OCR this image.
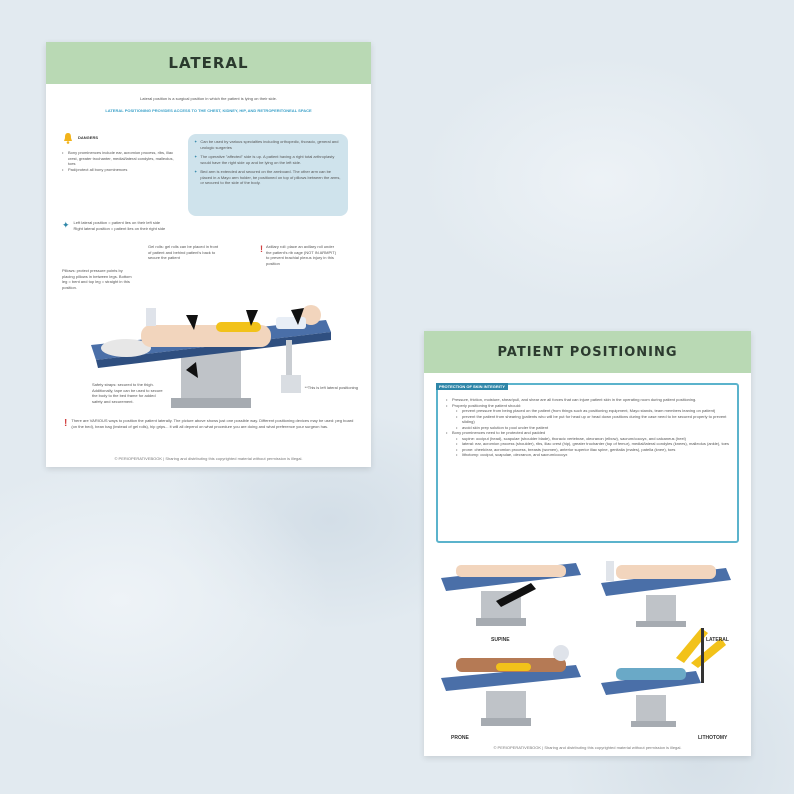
LATERAL
Lateral position is a surgical position in which the patient is lying on their side.
LATERAL POSITIONING PROVIDES ACCESS TO THE CHEST, KIDNEY, HIP, AND RETROPERITONEAL SPACE
DANGERS
• Bony prominences include ear, acromion process, ribs, iliac crest, greater trochanter, medial/lateral condyles, malleolus, toes
• Pad/protect all bony prominences
✦ Can be used by various specialties including orthopedic, thoracic, general and urologic surgeries
✦ The operative "affected" side is up. A patient having a right total arthroplasty would have the right side up and be lying on the left side.
✦ Bed arm is extended and secured on the armboard. The other arm can be placed in a Mayo arm holder, be positioned on top of pillows between the arms, or secured to the side of the body.
✦ Left lateral position = patient lies on their left side
Right lateral position = patient lies on their right side
Gel rolls: gel rolls can be placed in front of patient and behind patient's back to secure the patient
! Axillary roll: place an axillary roll under the patient's rib cage (NOT IN ARMPIT) to prevent brachial plexus injury in this position
Pillows: protect pressure points by placing pillows in between legs. Bottom leg = bent and top leg = straight in this position.
Safety straps: secured to the thigh. Additionally, tape can be used to secure the body to the bed frame for added safety and securement.
**This is left lateral positioning
! There are VARIOUS ways to position the patient laterally. The picture above shows just one possible way. Different positioning devices may be used: peg board (on the bed), bean bag (instead of gel rolls), hip grips... it will all depend on what procedure you are doing and what preference your surgeon has.
© PERIOPERATIVEBOOK | Sharing and distributing this copyrighted material without permission is illegal.
PATIENT POSITIONING
PROTECTION OF SKIN INTEGRITY
• Pressure, friction, moisture, shear/pull, and shear are all forces that can injure patient skin in the operating room during patient positioning.
• Properly positioning the patient should:
• prevent pressure from being placed on the patient (from things such as positioning equipment, Mayo stands, team members leaning on patient)
• prevent the patient from shearing (patients who will be put for head up or head down positions during the case need to be secured properly to prevent sliding)
• avoid skin prep solution to pool under the patient
• Bony prominences need to be protected and padded
• supine: occiput (head), scapulae (shoulder blade), thoracic vertebrae, olecranon (elbow), sacrum/coccyx, and calcaneus (heel)
• lateral: ear, acromion process (shoulder), ribs, iliac crest (hip), greater trochanter (top of femur), medial/lateral condyles (knees), malleolus (ankle), toes
• prone: cheek/ear, acromion process, breasts (women), anterior superior iliac spine, genitalia (males), patella (knee), toes
• lithotomy: occiput, scapulae, olecranon, and sacrum/coccyx
SUPINE	LATERAL
PRONE	LITHOTOMY
© PERIOPERATIVEBOOK | Sharing and distributing this copyrighted material without permission is illegal.
